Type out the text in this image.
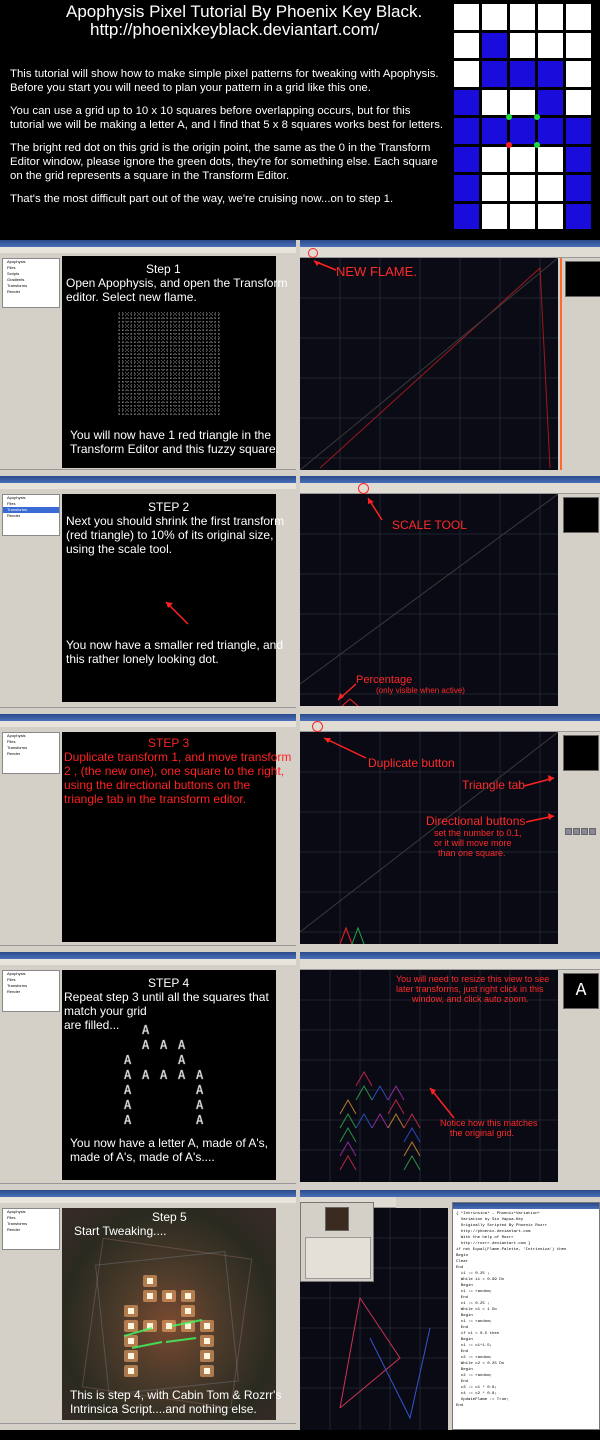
Apophysis Pixel Tutorial By Phoenix Key Black.
http://phoenixkeyblack.deviantart.com/
This tutorial will show how to make simple pixel patterns for tweaking with Apophysis.
Before you start you will need to plan your pattern in a grid like this one.
You can use a grid up to 10 x 10 squares before overlapping occurs, but for this
tutorial we will be making a letter A, and I find that 5 x 8 squares works best for letters.
The bright red dot on this grid is the origin point, the same as the 0 in the Transform
Editor window, please ignore the green dots, they're for something else. Each square
on the grid represents a square in the Transform Editor.
That's the most difficult part out of the way, we're cruising now...on to step 1.
Apophysis
Files
Scripts
Gradients
Transforms
Render
Step 1
Open Apophysis, and open the Transform
editor. Select new flame.
You will now have 1 red triangle in the
Transform Editor and this fuzzy square.
NEW FLAME.
Apophysis
Files
Transforms
Render
STEP 2
Next you should shrink the first transform
(red triangle) to 10% of its original size,
using the scale tool.
You now have a smaller red triangle, and
this rather lonely looking dot.
SCALE TOOL
Percentage
(only visible when active)
Apophysis
Files
Transforms
Render
STEP 3
Duplicate transform 1, and move transform
2 , (the new one), one square to the right,
using the directional buttons on the
triangle tab in the transform editor.
Duplicate button
Triangle tab
Directional buttons
set the number to 0.1,
or it will move more
than one square.
Apophysis
Files
Transforms
Render
STEP 4
Repeat step 3 until all the squares that
match your grid
are filled... A
A A A
A	A
A A A A A
A	A
A	A
A	A
You now have a letter A, made of A's,
made of A's, made of A's....
You will need to resize this view to see
later transforms, just right click in this
window, and click auto zoom.
Notice how this matches
the original grid.
A
Apophysis
Files
Transforms
Render
Step 5
Start Tweaking....
This is step 4, with Cabin Tom & Rozrr's
Intrinsica Script....and nothing else.
{ *Intrinsica* - Phoenix*Variation*
Variation by Sin Vapua-Key
Originally Scripted By Phoenix Rozrr
http://phoenix.deviantart.com
With the help of Rozrr
http://rozrr.deviantart.com }
if not Equal(Flame.Palette, 'Intrinsica') then
Begin
Clear
End
i1 := 0.25 ;
While i1 < 0.99 Do
Begin
c1 := random;
End
c1 := 0.25 ;
While c1 < 1 Do
Begin
c1 := random;
End
if c1 < 0.5 then
Begin
c1 := c1*1.5;
End
c2 := random;
While c2 < 0.25 Do
Begin
c2 := random;
End
c3 := c1 * 0.8;
c4 := c2 * 0.8;
UpdateFlame := True;
End
